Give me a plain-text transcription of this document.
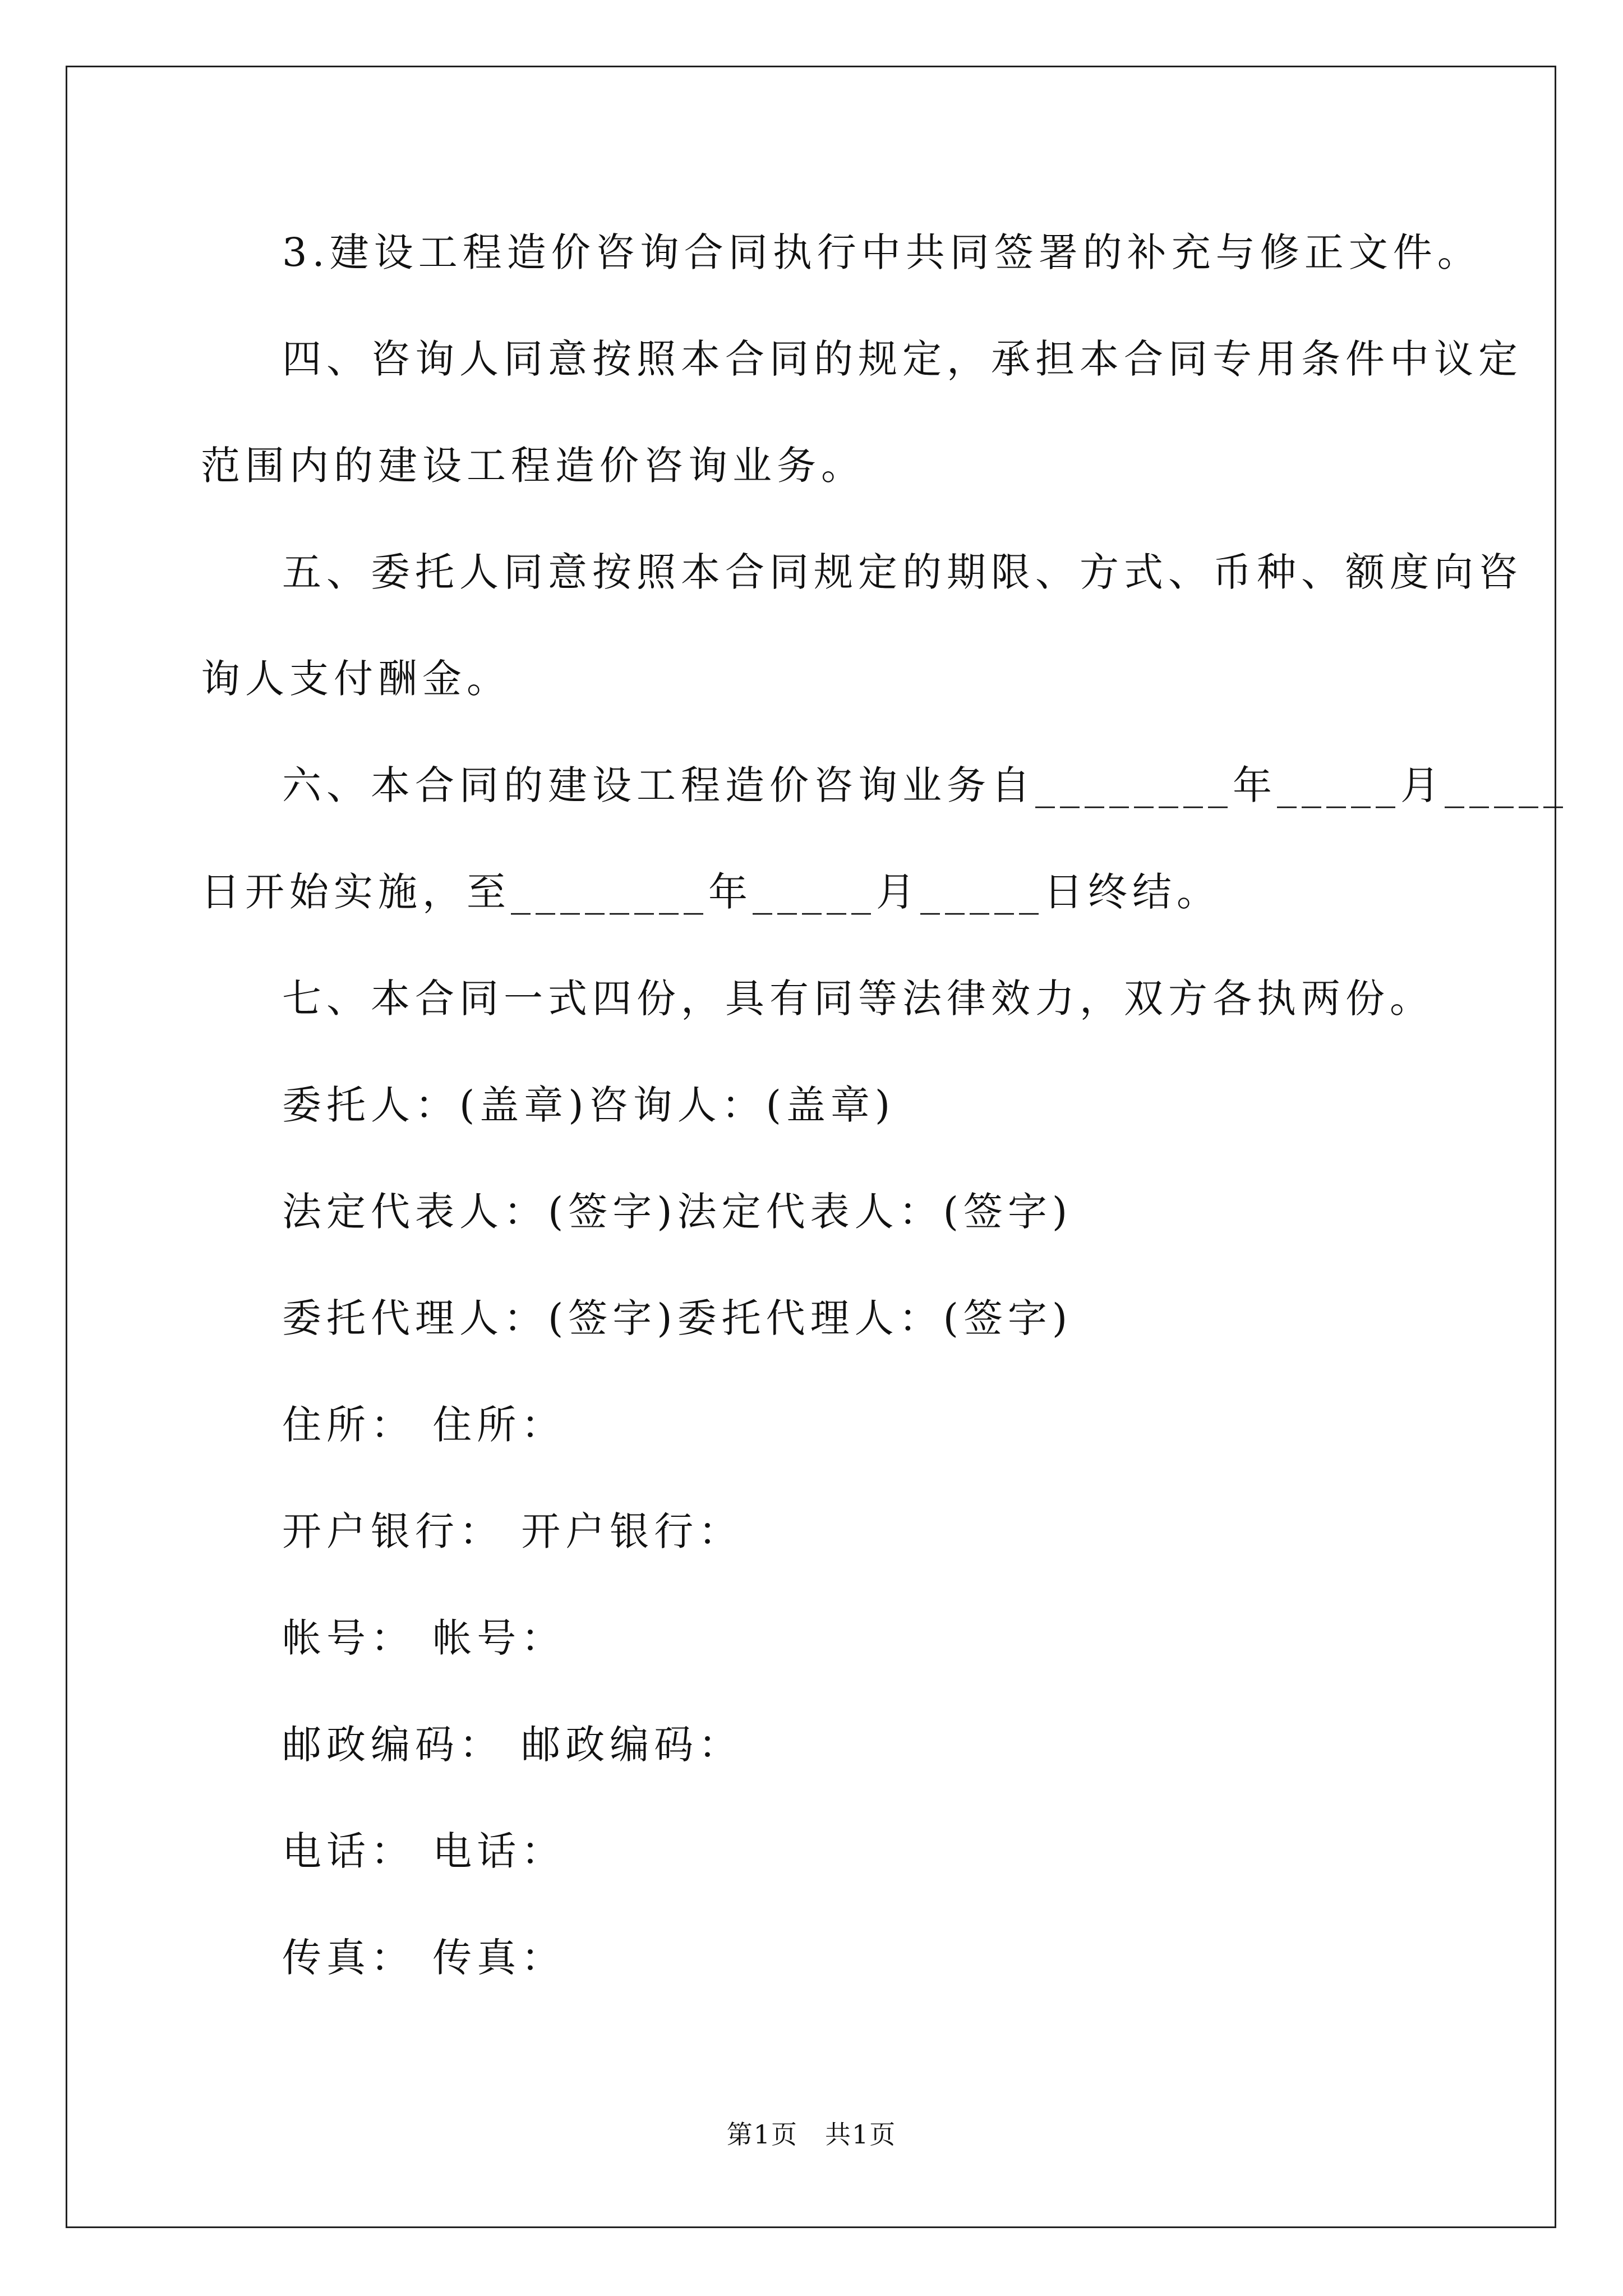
3.建设工程造价咨询合同执行中共同签署的补充与修正文件。
四、咨询人同意按照本合同的规定，承担本合同专用条件中议定
范围内的建设工程造价咨询业务。
五、委托人同意按照本合同规定的期限、方式、币种、额度向咨
询人支付酬金。
六、本合同的建设工程造价咨询业务自________年_____月_____
日开始实施，至________年_____月_____日终结。
七、本合同一式四份，具有同等法律效力，双方各执两份。
委托人：(盖章)咨询人：(盖章)
法定代表人：(签字)法定代表人：(签字)
委托代理人：(签字)委托代理人：(签字)
住所： 住所：
开户银行： 开户银行：
帐号： 帐号：
邮政编码： 邮政编码：
电话： 电话：
传真： 传真：
第1页　共1页
